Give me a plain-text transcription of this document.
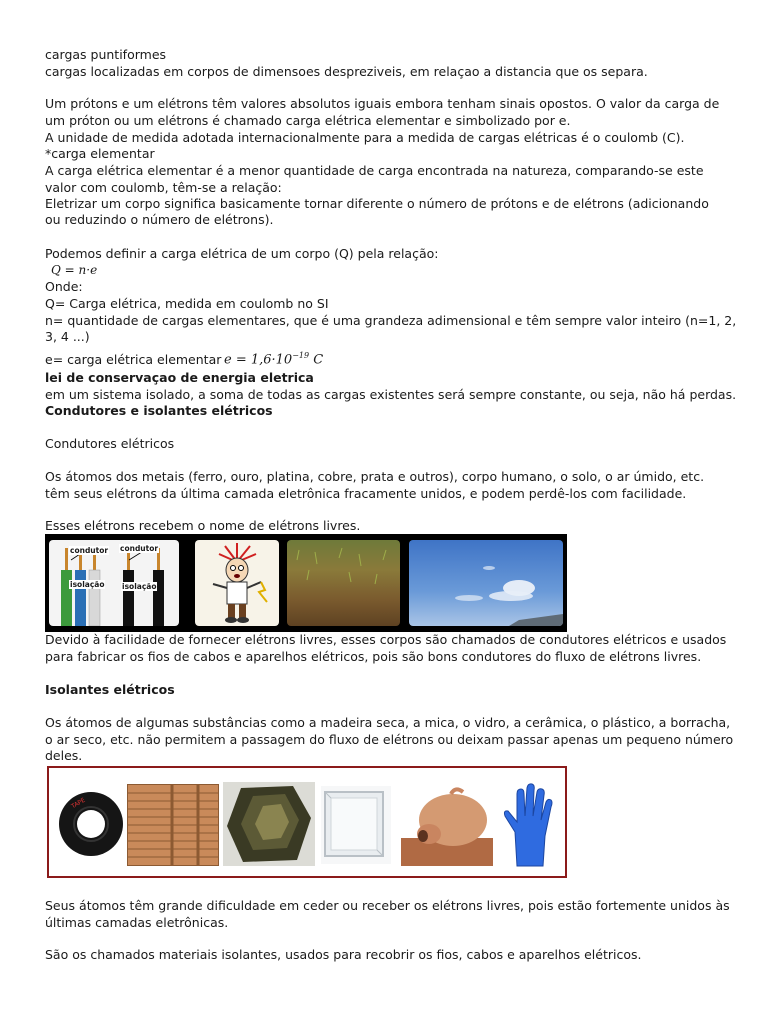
cargas puntiformes
cargas localizadas em corpos de dimensoes despreziveis, em relaçao a distancia que os separa.
Um prótons e um elétrons têm valores absolutos iguais embora tenham sinais opostos. O valor da carga de
um próton ou um elétrons é chamado carga elétrica elementar e simbolizado por e.
A unidade de medida adotada internacionalmente para a medida de cargas elétricas é o coulomb (C).
*carga elementar
A carga elétrica elementar é a menor quantidade de carga encontrada na natureza, comparando-se este
valor com coulomb, têm-se a relação:
Eletrizar um corpo significa basicamente tornar diferente o número de prótons e de elétrons (adicionando
ou reduzindo o número de elétrons).
Podemos definir a carga elétrica de um corpo (Q) pela relação:
Q = n·e
Onde:
Q= Carga elétrica, medida em coulomb no SI
n= quantidade de cargas elementares, que é uma grandeza adimensional e têm sempre valor inteiro (n=1, 2,
3, 4 ...)
e= carga elétrica elementar $e = 1,6\cdot 10^{-19}$ C
lei de conservaçao de energia eletrica
em um sistema isolado, a soma de todas as cargas existentes será sempre constante, ou seja, não há perdas.
Condutores e isolantes elétricos
Condutores elétricos
Os átomos dos metais (ferro, ouro, platina, cobre, prata e outros), corpo humano, o solo, o ar úmido, etc.
têm seus elétrons da última camada eletrônica fracamente unidos, e podem perdê-los com facilidade.
Esses elétrons recebem o nome de elétrons livres.
condutor condutor
isolação isolação
Devido à facilidade de fornecer elétrons livres, esses corpos são chamados de condutores elétricos e usados
para fabricar os fios de cabos e aparelhos elétricos, pois são bons condutores do fluxo de elétrons livres.
Isolantes elétricos
Os átomos de algumas substâncias como a madeira seca, a mica, o vidro, a cerâmica, o plástico, a borracha,
o ar seco, etc. não permitem a passagem do fluxo de elétrons ou deixam passar apenas um pequeno número
deles.
TAPE
Seus átomos têm grande dificuldade em ceder ou receber os elétrons livres, pois estão fortemente unidos às
últimas camadas eletrônicas.
São os chamados materiais isolantes, usados para recobrir os fios, cabos e aparelhos elétricos.
